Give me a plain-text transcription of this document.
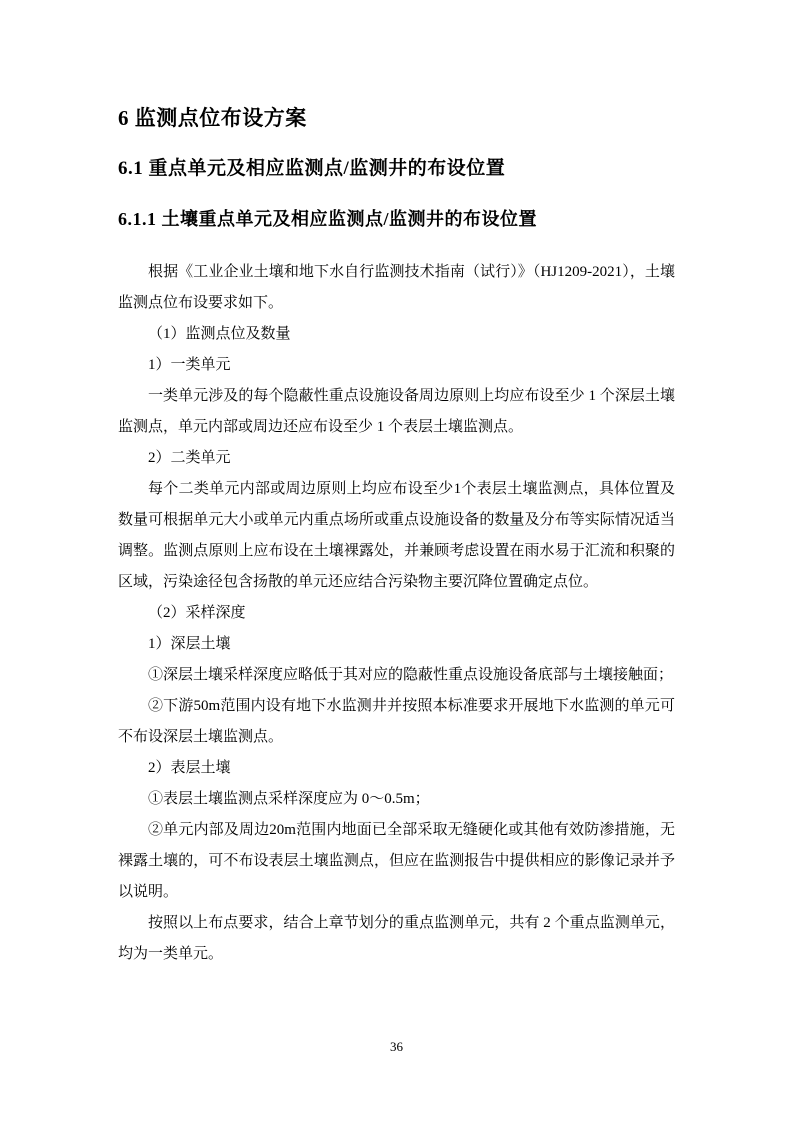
6 监测点位布设方案
6.1 重点单元及相应监测点/监测井的布设位置
6.1.1 土壤重点单元及相应监测点/监测井的布设位置

根据《工业企业土壤和地下水自行监测技术指南（试行）》（HJ1209-2021），土壤监测点位布设要求如下。

（1）监测点位及数量

1）一类单元

一类单元涉及的每个隐蔽性重点设施设备周边原则上均应布设至少 1 个深层土壤监测点，单元内部或周边还应布设至少 1 个表层土壤监测点。

2）二类单元

每个二类单元内部或周边原则上均应布设至少1个表层土壤监测点，具体位置及数量可根据单元大小或单元内重点场所或重点设施设备的数量及分布等实际情况适当调整。监测点原则上应布设在土壤裸露处，并兼顾考虑设置在雨水易于汇流和积聚的区域，污染途径包含扬散的单元还应结合污染物主要沉降位置确定点位。

（2）采样深度

1）深层土壤

①深层土壤采样深度应略低于其对应的隐蔽性重点设施设备底部与土壤接触面；

②下游50m范围内设有地下水监测井并按照本标准要求开展地下水监测的单元可不布设深层土壤监测点。

2）表层土壤

①表层土壤监测点采样深度应为 0～0.5m；

②单元内部及周边20m范围内地面已全部采取无缝硬化或其他有效防渗措施，无裸露土壤的，可不布设表层土壤监测点，但应在监测报告中提供相应的影像记录并予以说明。

按照以上布点要求，结合上章节划分的重点监测单元，共有 2 个重点监测单元，均为一类单元。

36
